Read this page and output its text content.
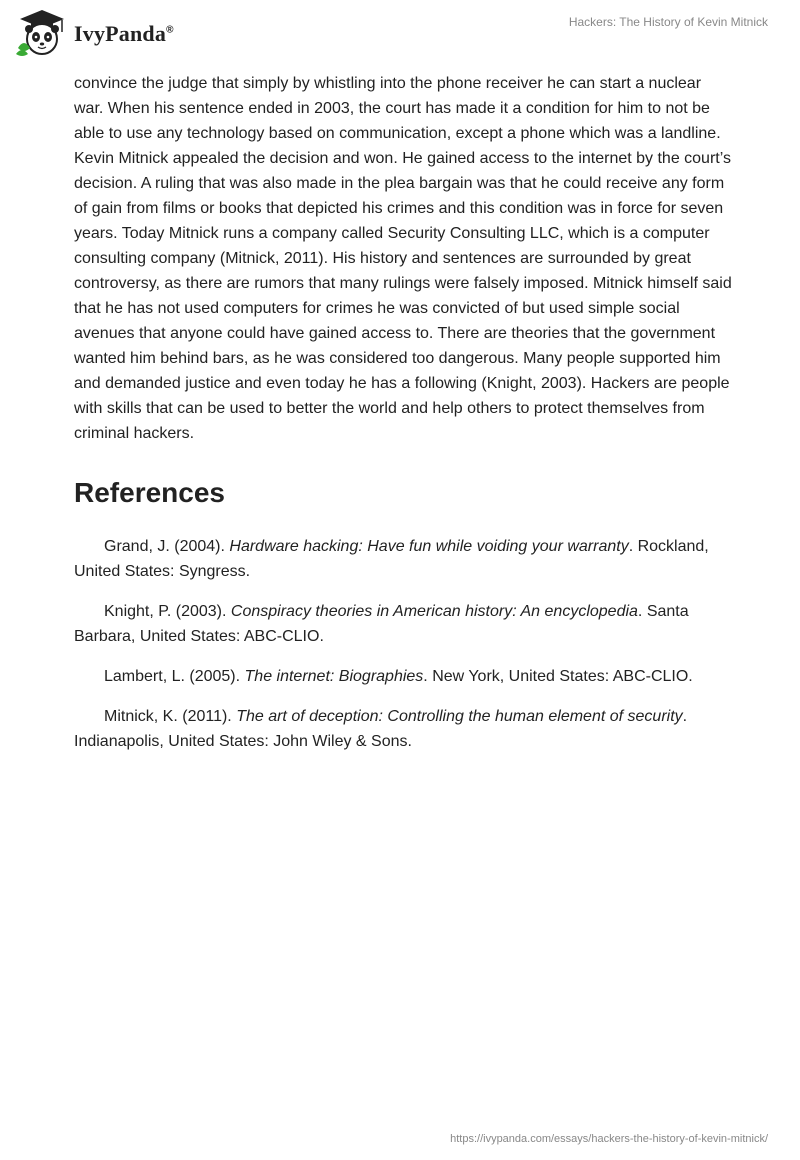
IvyPanda®
Hackers: The History of Kevin Mitnick

convince the judge that simply by whistling into the phone receiver he can start a nuclear war. When his sentence ended in 2003, the court has made it a condition for him to not be able to use any technology based on communication, except a phone which was a landline. Kevin Mitnick appealed the decision and won. He gained access to the internet by the court’s decision. A ruling that was also made in the plea bargain was that he could receive any form of gain from films or books that depicted his crimes and this condition was in force for seven years. Today Mitnick runs a company called Security Consulting LLC, which is a computer consulting company (Mitnick, 2011). His history and sentences are surrounded by great controversy, as there are rumors that many rulings were falsely imposed. Mitnick himself said that he has not used computers for crimes he was convicted of but used simple social avenues that anyone could have gained access to. There are theories that the government wanted him behind bars, as he was considered too dangerous. Many people supported him and demanded justice and even today he has a following (Knight, 2003). Hackers are people with skills that can be used to better the world and help others to protect themselves from criminal hackers.

References

Grand, J. (2004). Hardware hacking: Have fun while voiding your warranty. Rockland, United States: Syngress.

Knight, P. (2003). Conspiracy theories in American history: An encyclopedia. Santa Barbara, United States: ABC-CLIO.

Lambert, L. (2005). The internet: Biographies. New York, United States: ABC-CLIO.

Mitnick, K. (2011). The art of deception: Controlling the human element of security. Indianapolis, United States: John Wiley & Sons.

https://ivypanda.com/essays/hackers-the-history-of-kevin-mitnick/
